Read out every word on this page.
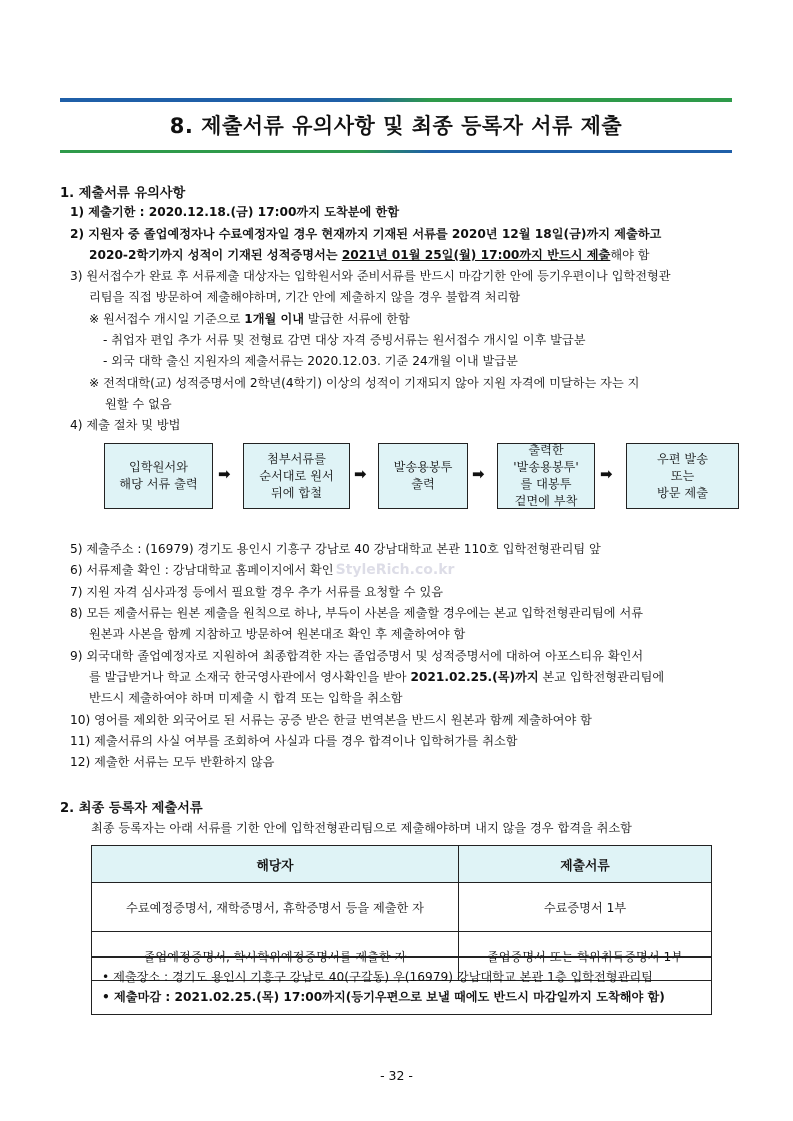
8. 제출서류 유의사항 및 최종 등록자 서류 제출
1. 제출서류 유의사항
1) 제출기한 : 2020.12.18.(금) 17:00까지 도착분에 한함
2) 지원자 중 졸업예정자나 수료예정자일 경우 현재까지 기재된 서류를 2020년 12월 18일(금)까지 제출하고
2020-2학기까지 성적이 기재된 성적증명서는 2021년 01월 25일(월) 17:00까지 반드시 제출해야 함
3) 원서접수가 완료 후 서류제출 대상자는 입학원서와 준비서류를 반드시 마감기한 안에 등기우편이나 입학전형관
리팀을 직접 방문하여 제출해야하며, 기간 안에 제출하지 않을 경우 불합격 처리함
※ 원서접수 개시일 기준으로 1개월 이내 발급한 서류에 한함
- 취업자 편입 추가 서류 및 전형료 감면 대상 자격 증빙서류는 원서접수 개시일 이후 발급분
- 외국 대학 출신 지원자의 제출서류는 2020.12.03. 기준 24개월 이내 발급분
※ 전적대학(교) 성적증명서에 2학년(4학기) 이상의 성적이 기재되지 않아 지원 자격에 미달하는 자는 지
원할 수 없음
4) 제출 절차 및 방법
입학원서와
해당 서류 출력
➡
첨부서류를
순서대로 원서
뒤에 합철
➡ 발송용봉투
출력
➡
출력한
'발송용봉투'
를 대봉투
겉면에 부착
➡
우편 발송
또는
방문 제출
StyleRich.co.kr
5) 제출주소 : (16979) 경기도 용인시 기흥구 강남로 40 강남대학교 본관 110호 입학전형관리팀 앞
6) 서류제출 확인 : 강남대학교 홈페이지에서 확인
7) 지원 자격 심사과정 등에서 필요할 경우 추가 서류를 요청할 수 있음
8) 모든 제출서류는 원본 제출을 원칙으로 하나, 부득이 사본을 제출할 경우에는 본교 입학전형관리팀에 서류
원본과 사본을 함께 지참하고 방문하여 원본대조 확인 후 제출하여야 함
9) 외국대학 졸업예정자로 지원하여 최종합격한 자는 졸업증명서 및 성적증명서에 대하여 아포스티유 확인서
를 발급받거나 학교 소재국 한국영사관에서 영사확인을 받아 2021.02.25.(목)까지 본교 입학전형관리팀에
반드시 제출하여야 하며 미제출 시 합격 또는 입학을 취소함
10) 영어를 제외한 외국어로 된 서류는 공증 받은 한글 번역본을 반드시 원본과 함께 제출하여야 함
11) 제출서류의 사실 여부를 조회하여 사실과 다를 경우 합격이나 입학허가를 취소함
12) 제출한 서류는 모두 반환하지 않음
2. 최종 등록자 제출서류
최종 등록자는 아래 서류를 기한 안에 입학전형관리팀으로 제출해야하며 내지 않을 경우 합격을 취소함
해당자	제출서류
수료예정증명서, 재학증명서, 휴학증명서 등을 제출한 자	수료증명서 1부
졸업예정증명서, 학사학위예정증명서를 제출한 자	졸업증명서 또는 학위취득증명서 1부
• 제출장소 : 경기도 용인시 기흥구 강남로 40(구갈동) 우(16979) 강남대학교 본관 1층 입학전형관리팀
• 제출마감 : 2021.02.25.(목) 17:00까지(등기우편으로 보낼 때에도 반드시 마감일까지 도착해야 함)
- 32 -
